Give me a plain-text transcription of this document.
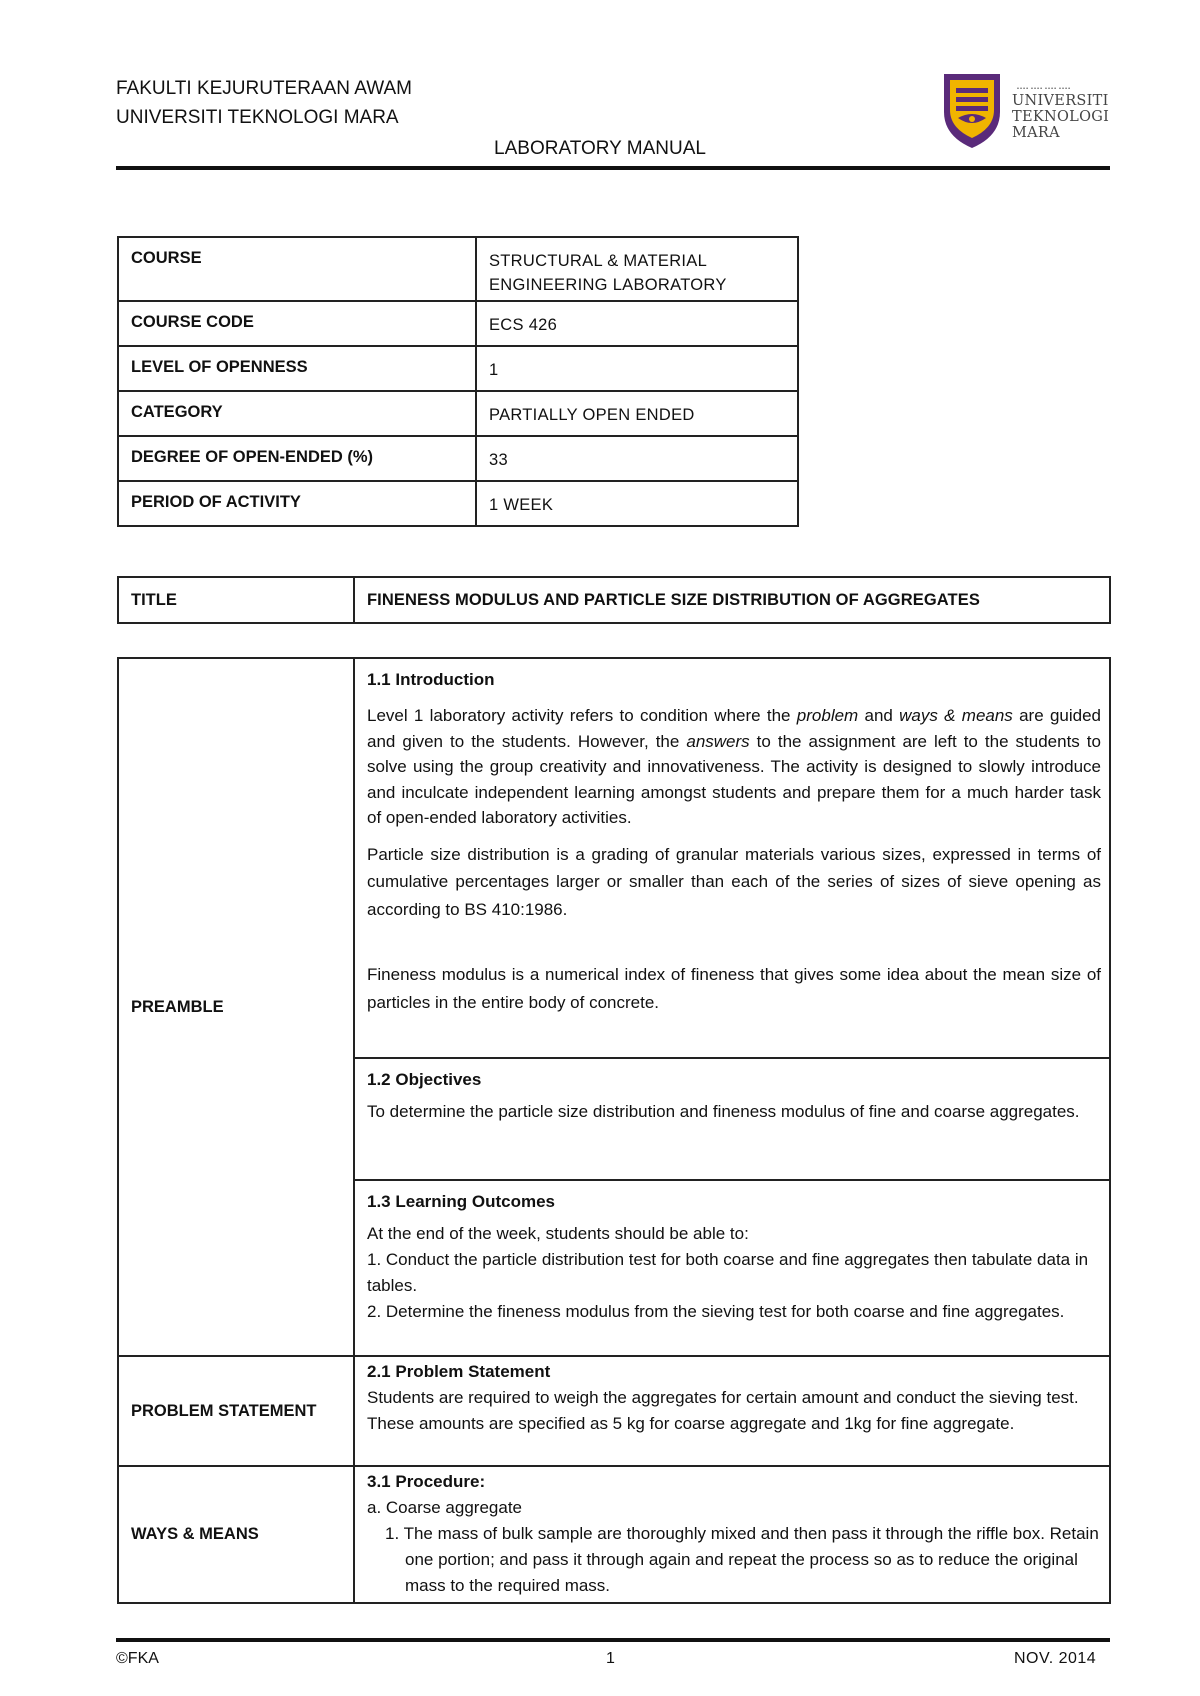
FAKULTI KEJURUTERAAN AWAM
UNIVERSITI TEKNOLOGI MARA
LABORATORY MANUAL
᠁᠁᠁᠁
UNIVERSITI
TEKNOLOGI
MARA
COURSE	STRUCTURAL & MATERIAL ENGINEERING LABORATORY
COURSE CODE	ECS 426
LEVEL OF OPENNESS	1
CATEGORY	PARTIALLY OPEN ENDED
DEGREE OF OPEN-ENDED (%)	33
PERIOD OF ACTIVITY	1 WEEK
TITLE	FINENESS MODULUS AND PARTICLE SIZE DISTRIBUTION OF AGGREGATES
PREAMBLE	1.1 Introduction

Level 1 laboratory activity refers to condition where the problem and ways & means are guided and given to the students. However, the answers to the assignment are left to the students to solve using the group creativity and innovativeness. The activity is designed to slowly introduce and inculcate independent learning amongst students and prepare them for a much harder task of open-ended laboratory activities.

Particle size distribution is a grading of granular materials various sizes, expressed in terms of cumulative percentages larger or smaller than each of the series of sizes of sieve opening as according to BS 410:1986.

Fineness modulus is a numerical index of fineness that gives some idea about the mean size of particles in the entire body of concrete.

	1.2 Objectives

To determine the particle size distribution and fineness modulus of fine and coarse aggregates.

	1.3 Learning Outcomes

At the end of the week, students should be able to:

1. Conduct the particle distribution test for both coarse and fine aggregates then tabulate data in tables.

2. Determine the fineness modulus from the sieving test for both coarse and fine aggregates.

PROBLEM STATEMENT	2.1 Problem Statement

Students are required to weigh the aggregates for certain amount and conduct the sieving test. These amounts are specified as 5 kg for coarse aggregate and 1kg for fine aggregate.

WAYS & MEANS	3.1 Procedure:

a. Coarse aggregate

1. The mass of bulk sample are thoroughly mixed and then pass it through the riffle box. Retain one portion; and pass it through again and repeat the process so as to reduce the original mass to the required mass.

©FKA	1	NOV. 2014
